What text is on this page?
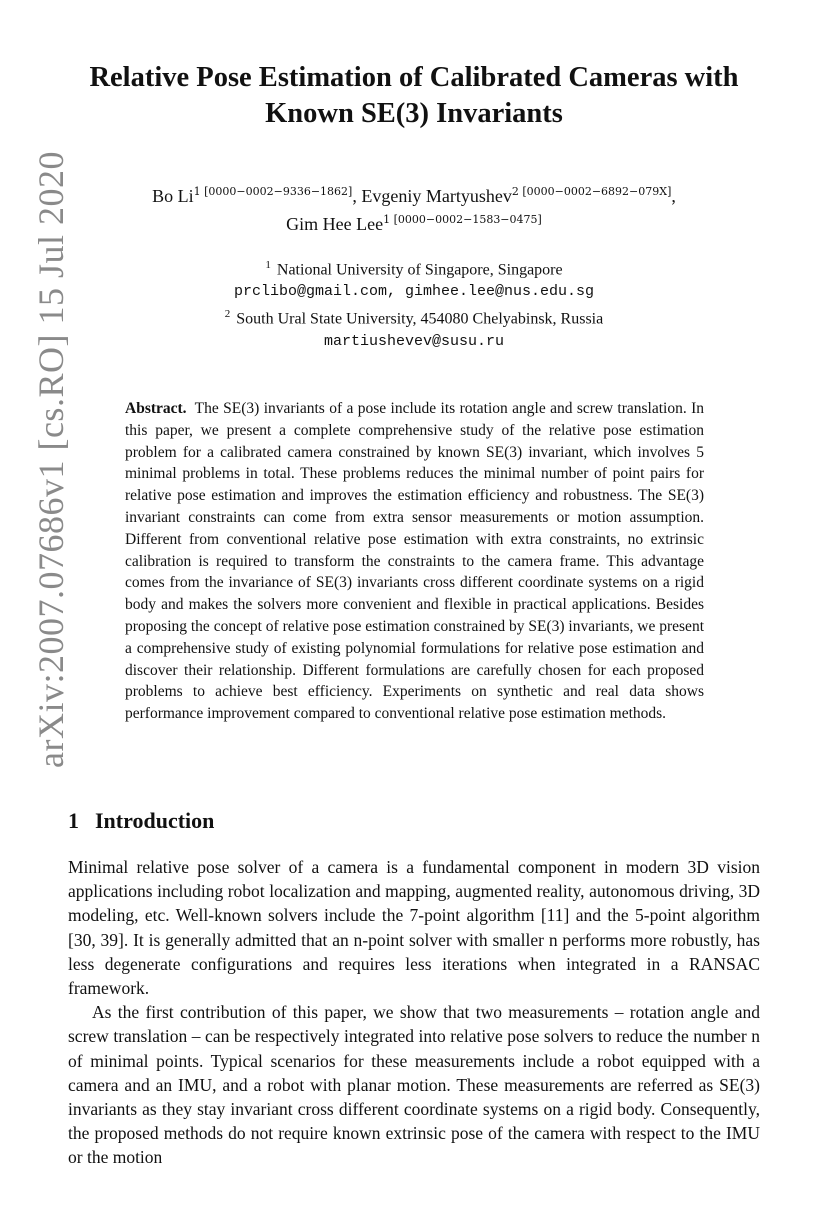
arXiv:2007.07686v1 [cs.RO] 15 Jul 2020
Relative Pose Estimation of Calibrated Cameras with
Known SE(3) Invariants
Bo $Li^{1 [0000-0002-9336-1862]}$, Evgeniy Martyushev$^{2 [0000-0002-6892-079X]}$,
Gim Hee Lee$^{1 [0000-0002-1583-0475]}$
$^1$ National University of Singapore, Singapore
prclibo@gmail.com, gimhee.lee@nus.edu.sg
$^2$ South Ural State University, 454080 Chelyabinsk, Russia
martiushevev@susu.ru
Abstract. The SE(3) invariants of a pose include its rotation angle and screw translation. In this paper, we present a complete comprehensive study of the relative pose estimation problem for a calibrated camera constrained by known SE(3) invariant, which involves 5 minimal problems in total. These problems reduces the minimal number of point pairs for relative pose estimation and improves the estimation efficiency and robustness. The SE(3) invariant constraints can come from extra sensor measurements or motion assumption. Different from conventional relative pose estimation with extra constraints, no extrinsic calibration is required to transform the constraints to the camera frame. This advantage comes from the invariance of SE(3) invariants cross different coordinate systems on a rigid body and makes the solvers more convenient and flexible in practical applications. Besides proposing the concept of relative pose estimation constrained by SE(3) invariants, we present a comprehensive study of existing polynomial formulations for relative pose estimation and discover their relationship. Different formulations are carefully chosen for each proposed problems to achieve best efficiency. Experiments on synthetic and real data shows performance improvement compared to conventional relative pose estimation methods.
1 Introduction

Minimal relative pose solver of a camera is a fundamental component in modern 3D vision applications including robot localization and mapping, augmented reality, autonomous driving, 3D modeling, etc. Well-known solvers include the 7-point algorithm [11] and the 5-point algorithm [30, 39]. It is generally admitted that an n-point solver with smaller n performs more robustly, has less degenerate configurations and requires less iterations when integrated in a RANSAC framework.

As the first contribution of this paper, we show that two measurements – rotation angle and screw translation – can be respectively integrated into relative pose solvers to reduce the number n of minimal points. Typical scenarios for these measurements include a robot equipped with a camera and an IMU, and a robot with planar motion. These measurements are referred as SE(3) invariants as they stay invariant cross different coordinate systems on a rigid body. Consequently, the proposed methods do not require known extrinsic pose of the camera with respect to the IMU or the motion
